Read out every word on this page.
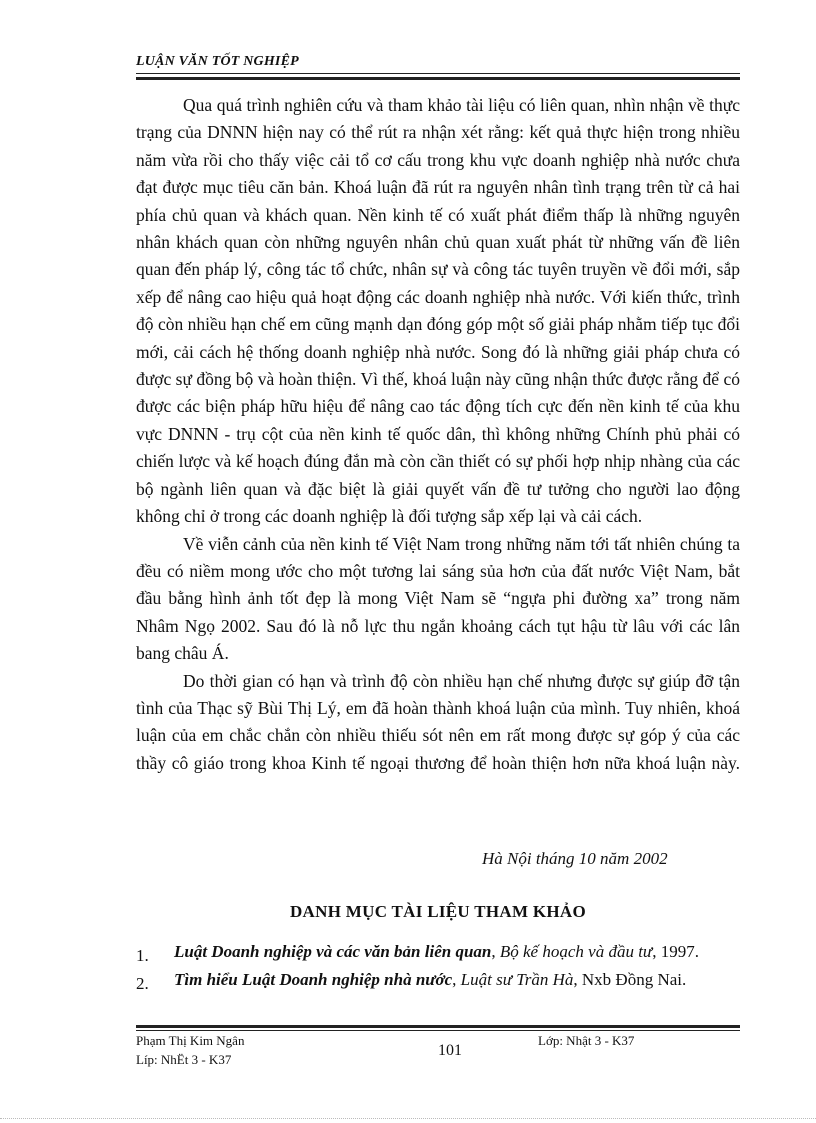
LUẬN VĂN TỐT NGHIỆP

Qua quá trình nghiên cứu và tham khảo tài liệu có liên quan, nhìn nhận về thực trạng của DNNN hiện nay có thể rút ra nhận xét rằng: kết quả thực hiện trong nhiều năm vừa rồi cho thấy việc cải tổ cơ cấu trong khu vực doanh nghiệp nhà nước chưa đạt được mục tiêu căn bản. Khoá luận đã rút ra nguyên nhân tình trạng trên từ cả hai phía chủ quan và khách quan. Nền kinh tế có xuất phát điểm thấp là những nguyên nhân khách quan còn những nguyên nhân chủ quan xuất phát từ những vấn đề liên quan đến pháp lý, công tác tổ chức, nhân sự và công tác tuyên truyền về đổi mới, sắp xếp để nâng cao hiệu quả hoạt động các doanh nghiệp nhà nước. Với kiến thức, trình độ còn nhiều hạn chế em cũng mạnh dạn đóng góp một số giải pháp nhằm tiếp tục đổi mới, cải cách hệ thống doanh nghiệp nhà nước. Song đó là những giải pháp chưa có được sự đồng bộ và hoàn thiện. Vì thế, khoá luận này cũng nhận thức được rằng để có được các biện pháp hữu hiệu để nâng cao tác động tích cực đến nền kinh tế của khu vực DNNN - trụ cột của nền kinh tế quốc dân, thì không những Chính phủ phải có chiến lược và kế hoạch đúng đắn mà còn cần thiết có sự phối hợp nhịp nhàng của các bộ ngành liên quan và đặc biệt là giải quyết vấn đề tư tưởng cho người lao động không chỉ ở trong các doanh nghiệp là đối tượng sắp xếp lại và cải cách.

Về viễn cảnh của nền kinh tế Việt Nam trong những năm tới tất nhiên chúng ta đều có niềm mong ước cho một tương lai sáng sủa hơn của đất nước Việt Nam, bắt đầu bằng hình ảnh tốt đẹp là mong Việt Nam sẽ “ngựa phi đường xa” trong năm Nhâm Ngọ 2002. Sau đó là nỗ lực thu ngắn khoảng cách tụt hậu từ lâu với các lân bang châu Á.

Do thời gian có hạn và trình độ còn nhiều hạn chế nhưng được sự giúp đỡ tận tình của Thạc sỹ Bùi Thị Lý, em đã hoàn thành khoá luận của mình. Tuy nhiên, khoá luận của em chắc chắn còn nhiều thiếu sót nên em rất mong được sự góp ý của các thầy cô giáo trong khoa Kinh tế ngoại thương để hoàn thiện hơn nữa khoá luận này.

Hà Nội tháng 10 năm 2002
DANH MỤC TÀI LIỆU THAM KHẢO
1. Luật Doanh nghiệp và các văn bản liên quan, Bộ kế hoạch và đầu tư, 1997.
2. Tìm hiểu Luật Doanh nghiệp nhà nước, Luật sư Trần Hà, Nxb Đồng Nai.
Phạm Thị Kim Ngân
Líp: NhËt 3 - K37
101
Lớp: Nhật 3 - K37
